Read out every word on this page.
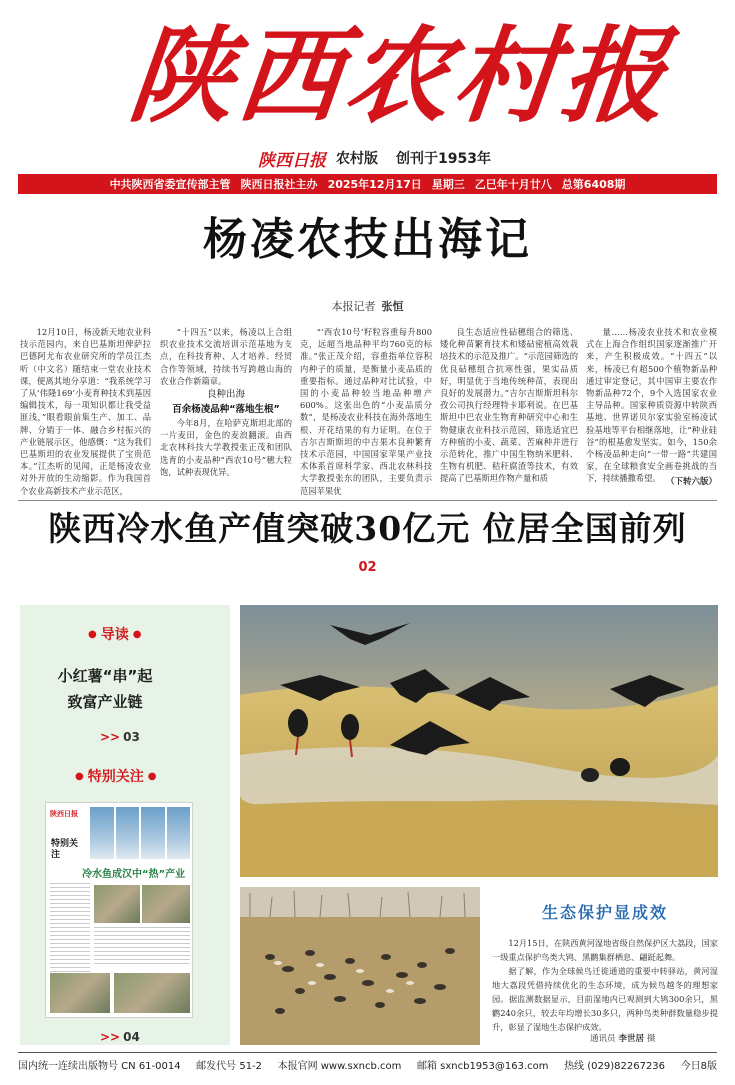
陕西农村报
陕西日报 农村版 创刊于1953年
中共陕西省委宣传部主管 陕西日报社主办 2025年12月17日 星期三 乙巳年十月廿八 总第6408期
杨凌农技出海记
本报记者 张恒

12月10日，杨凌新天地农业科技示范园内，来自巴基斯坦俾萨拉巴德阿尤布农业研究所的学员江杰听（中文名）随结束一堂农业技术课，便离其地分享道：“我系统学习了从‘伟隆169’小麦育种技术到基因编辑技术，每一项知识都让我受益匪浅，”眼看眼前集生产、加工、品牌、分销于一体、融合乡村振兴的产业链展示区，他感慨：“这为我们巴基斯坦的农业发展提供了宝贵范本。”江杰听的见闻，正是杨凌农业对外开放的生动缩影。作为我国首个农业高新技术产业示范区，

“十四五”以来，杨凌以上合组织农业技术交流培训示范基地为支点，在科技育种、人才培养、经贸合作等领域，持续书写跨越山海的农业合作新篇章。

良种出海

百余杨凌品种“落地生根”

今年8月，在哈萨克斯坦北部的一片麦田，金色的麦浪翻滚。由西北农林科技大学教授张正茂和团队选育的小麦品种“西农10号”穗大粒饱，试种表现优异。

“‘西农10号’籽粒容重每升800克，远超当地品种平均760克的标准。”张正茂介绍，容重指单位容积内种子的质量，是衡量小麦品质的重要指标。通过品种对比试验，中国的小麦品种较当地品种增产600%。这张出色的“小麦品质分数”，是杨凌农业科技在海外落地生根、开花结果的有力证明。在位于吉尔吉斯斯坦的中吉果木良种繁育技术示范园，中国国家苹果产业技术体系首席科学家、西北农林科技大学教授张东的团队，主要负责示范园苹果优

良生态适应性砧穗组合的筛选、矮化种苗繁育技术和矮砧密植高效栽培技术的示范及推广。“示范园筛选的优良砧穗组合抗寒性强，果实品质好，明显优于当地传统种苗，表现出良好的发展潜力。”吉尔吉斯斯坦科尔孜公司执行经理特卡耶利说。在巴基斯坦中巴农业生物育种研究中心和生物健康农业科技示范园，筛选适宜巴方种植的小麦、蔬菜、苦麻种并进行示范转化，推广中国生物纳米肥料、生物有机肥、秸秆腐渣等技术，有效提高了巴基斯坦作物产量和质

量……杨凌农业技术和农业模式在上海合作组织国家逐渐推广开来，产生积极成效。“十四五”以来，杨凌已有超500个植物新品种通过审定登记，其中国审主要农作物新品种72个，9个入选国家农业主导品种。国家种质资源中转陕西基地、世界诺贝尔家实验室杨凌试验基地等平台相继落地，让“种业硅谷”的根基愈发坚实。如今，150余个杨凌品种走向“一带一路”共建国家，在全球粮食安全画卷挑战的当下，持续播撒希望。 （下转六版）

陕西冷水鱼产值突破30亿元 位居全国前列
02
● 导读 ●
小红薯“串”起
致富产业链
>> 03
● 特别关注 ●
陕西日报
特别关注
冷水鱼成汉中“热”产业
>> 04
生态保护显成效

12月15日，在陕西黄河湿地省级自然保护区大荔段，国家一级重点保护鸟类大鸨、黑鹳集群栖息、翩跹起舞。

据了解，作为全球候鸟迁徙通道的重要中转驿站，黄河湿地大荔段凭借持续优化的生态环境，成为候鸟越冬的理想家园。据监测数据显示，目前湿地内已观测到大鸨300余只，黑鹳240余只，较去年均增长30多只，两种鸟类种群数量稳步提升，彰显了湿地生态保护成效。

通讯员 李世居 摄
国内统一连续出版物号 CN 61-0014 邮发代号 51-2 本报官网 www.sxncb.com 邮箱 sxncb1953@163.com 热线 (029)82267236 今日8版
